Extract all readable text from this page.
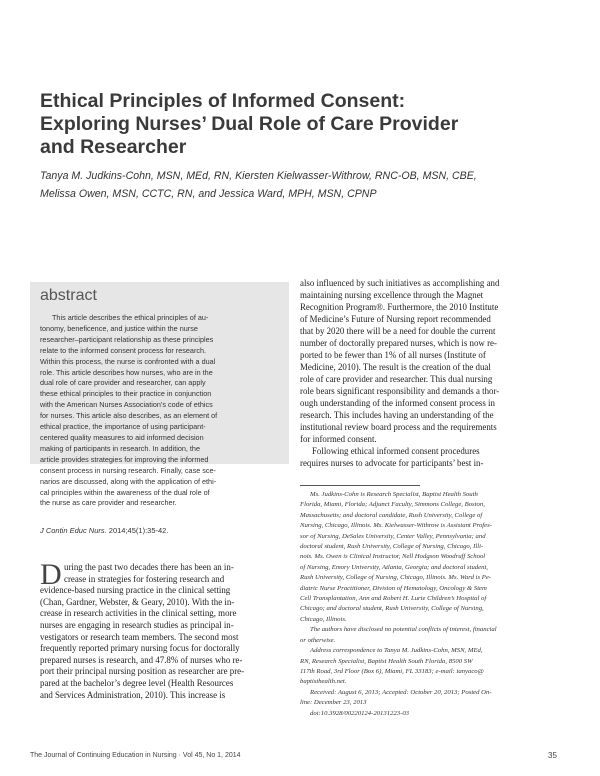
Ethical Principles of Informed Consent:
Exploring Nurses’ Dual Role of Care Provider
and Researcher
Tanya M. Judkins-Cohn, MSN, MEd, RN, Kiersten Kielwasser-Withrow, RNC-OB, MSN, CBE,
Melissa Owen, MSN, CCTC, RN, and Jessica Ward, MPH, MSN, CPNP
abstract
This article describes the ethical principles of au-
tonomy, beneficence, and justice within the nurse
researcher–participant relationship as these principles
relate to the informed consent process for research.
Within this process, the nurse is confronted with a dual
role. This article describes how nurses, who are in the
dual role of care provider and researcher, can apply
these ethical principles to their practice in conjunction
with the American Nurses Association’s code of ethics
for nurses. This article also describes, as an element of
ethical practice, the importance of using participant-
centered quality measures to aid informed decision
making of participants in research. In addition, the
article provides strategies for improving the informed
consent process in nursing research. Finally, case sce-
narios are discussed, along with the application of ethi-
cal principles within the awareness of the dual role of
the nurse as care provider and researcher.
J Contin Educ Nurs. 2014;45(1):35-42.
D uring the past two decades there has been an in-
crease in strategies for fostering research and
evidence-based nursing practice in the clinical setting
(Chan, Gardner, Webster, & Geary, 2010). With the in-
crease in research activities in the clinical setting, more
nurses are engaging in research studies as principal in-
vestigators or research team members. The second most
frequently reported primary nursing focus for doctorally
prepared nurses is research, and 47.8% of nurses who re-
port their principal nursing position as researcher are pre-
pared at the bachelor’s degree level (Health Resources
and Services Administration, 2010). This increase is
also influenced by such initiatives as accomplishing and
maintaining nursing excellence through the Magnet
Recognition Program®. Furthermore, the 2010 Institute
of Medicine’s Future of Nursing report recommended
that by 2020 there will be a need for double the current
number of doctorally prepared nurses, which is now re-
ported to be fewer than 1% of all nurses (Institute of
Medicine, 2010). The result is the creation of the dual
role of care provider and researcher. This dual nursing
role bears significant responsibility and demands a thor-
ough understanding of the informed consent process in
research. This includes having an understanding of the
institutional review board process and the requirements
for informed consent.
Following ethical informed consent procedures
requires nurses to advocate for participants’ best in-
Ms. Judkins-Cohn is Research Specialist, Baptist Health South
Florida, Miami, Florida; Adjunct Faculty, Simmons College, Boston,
Massachusetts; and doctoral candidate, Rush University, College of
Nursing, Chicago, Illinois. Ms. Kielwasser-Withrow is Assistant Profes-
sor of Nursing, DeSales University, Center Valley, Pennsylvania; and
doctoral student, Rush University, College of Nursing, Chicago, Illi-
nois. Ms. Owen is Clinical Instructor, Nell Hodgson Woodruff School
of Nursing, Emory University, Atlanta, Georgia; and doctoral student,
Rush University, College of Nursing, Chicago, Illinois. Ms. Ward is Pe-
diatric Nurse Practitioner, Division of Hematology, Oncology & Stem
Cell Transplantation, Ann and Robert H. Lurie Children’s Hospital of
Chicago; and doctoral student, Rush University, College of Nursing,
Chicago, Illinois.
The authors have disclosed no potential conflicts of interest, financial
or otherwise.
Address correspondence to Tanya M. Judkins-Cohn, MSN, MEd,
RN, Research Specialist, Baptist Health South Florida, 8500 SW
117th Road, 3rd Floor (Box 6), Miami, FL 33183; e-mail: tanyaco@
baptisthealth.net.
Received: August 6, 2013; Accepted: October 20, 2013; Posted On-
line: December 23, 2013
doi:10.3928/00220124-20131223-03
The Journal of Continuing Education in Nursing · Vol 45, No 1, 2014	35
